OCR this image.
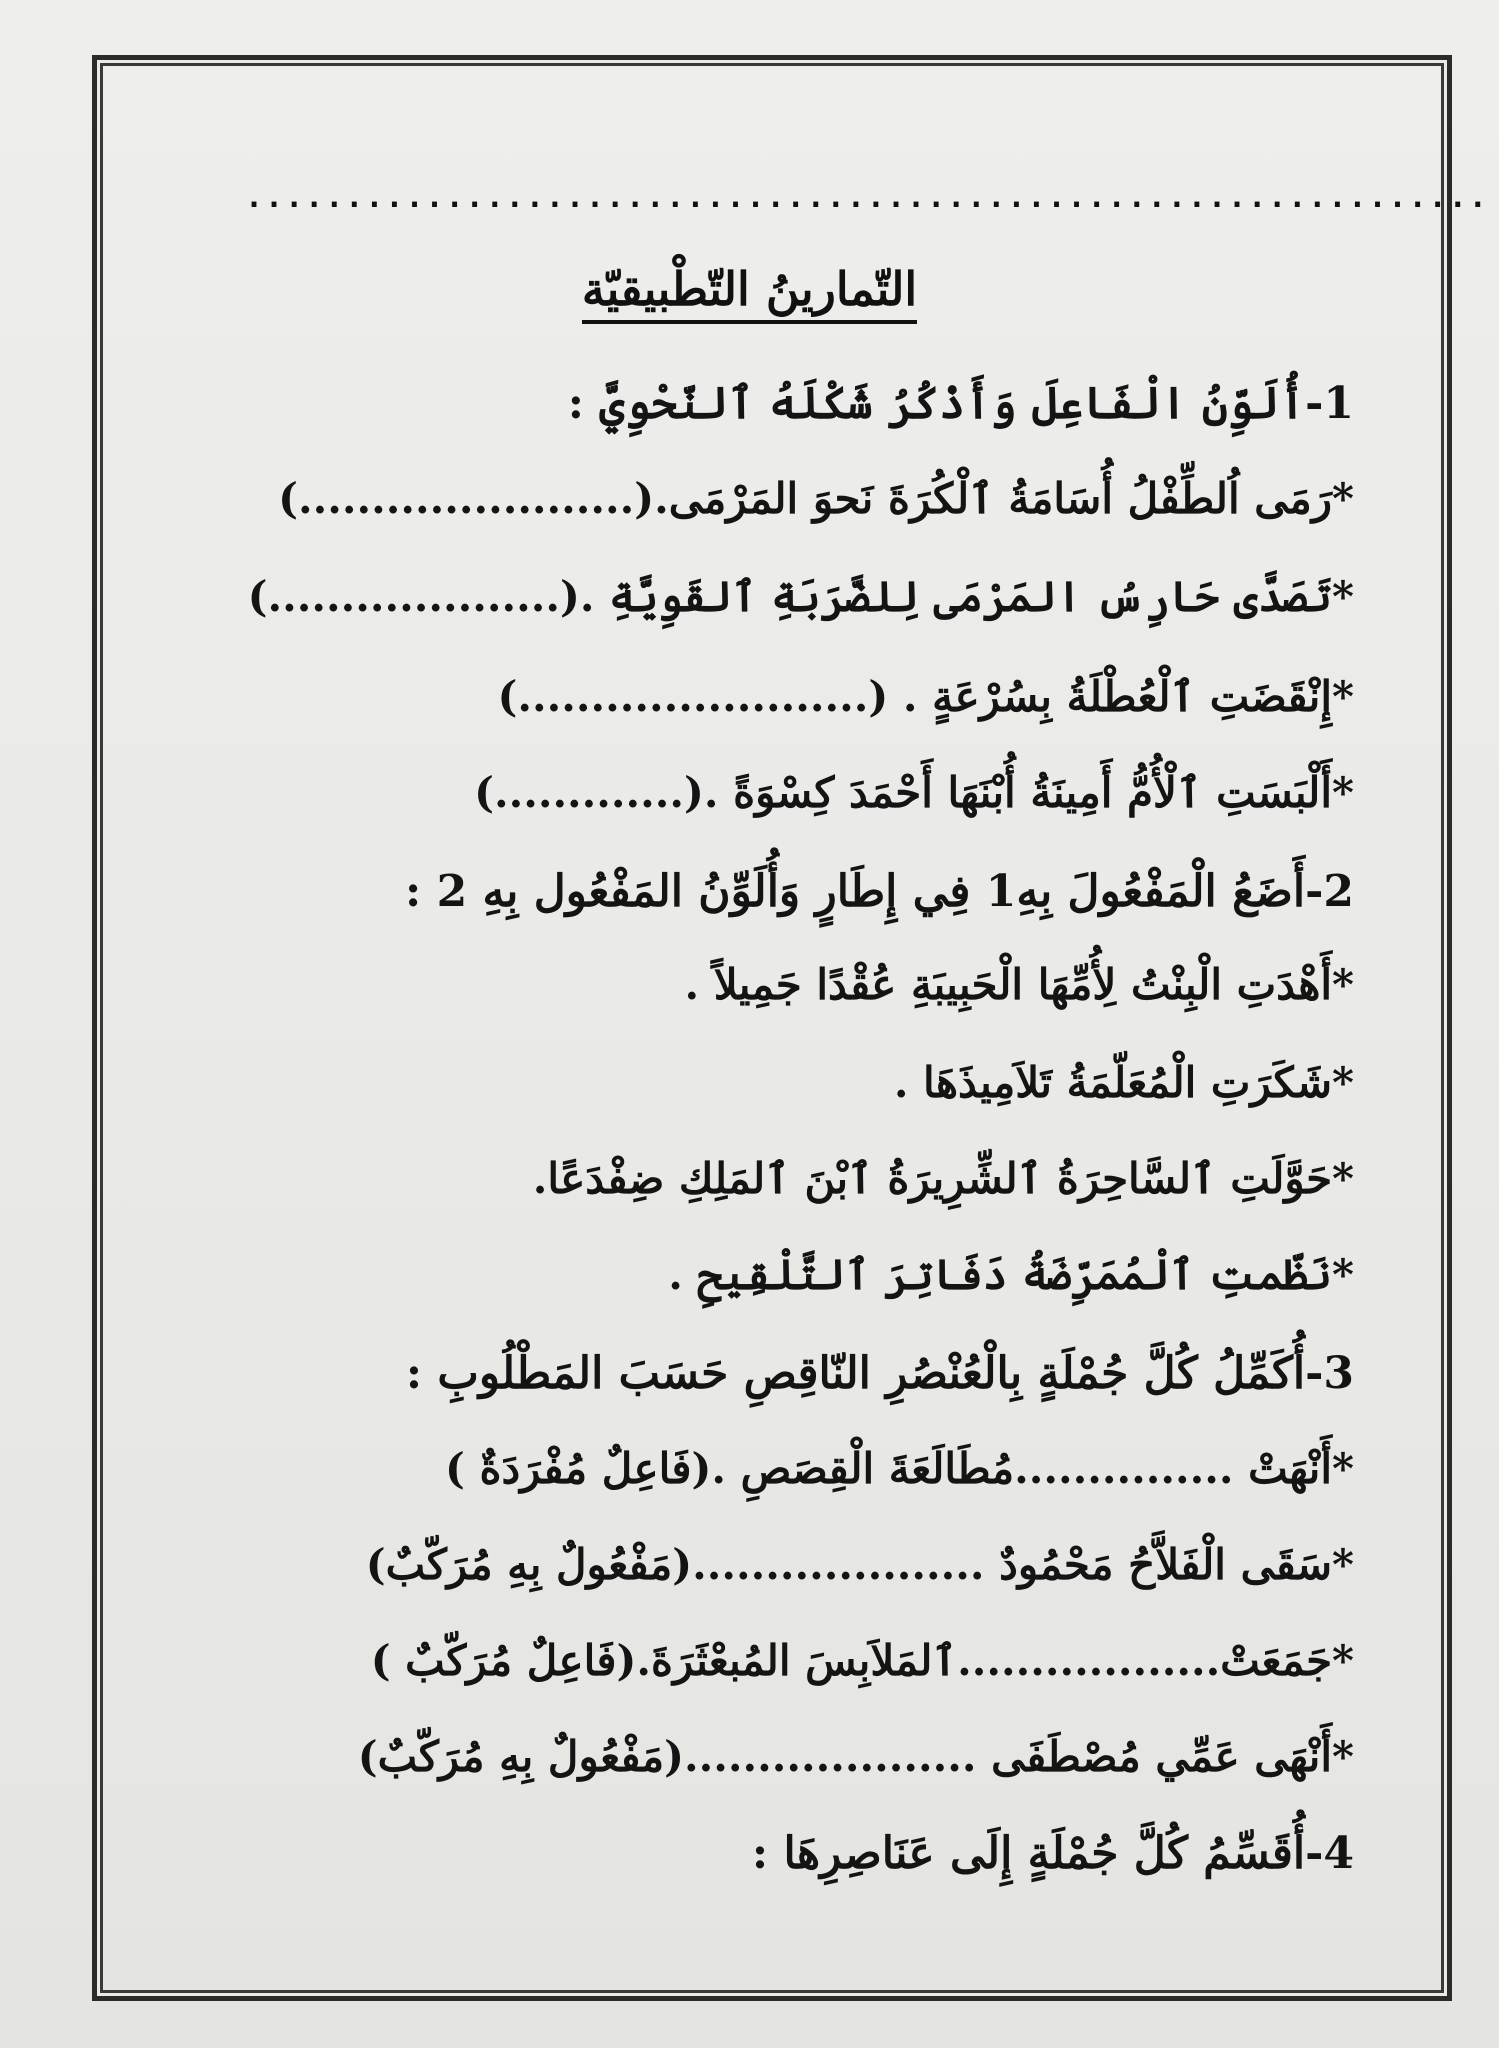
..............................................................
التّمارينُ التّطْبيقيّة
1-أُلَوِّنُ الْفَاعِلَ وَأَذْكُرُ شَكْلَهُ ٱلنّحْوِيَّ :
*رَمَى اُلطِّفْلُ أُسَامَةُ ٱلْكُرَةَ نَحوَ المَرْمَى.(.......................)
*تَصَدَّى حَارِسُ المَرْمَى لِلضَّرَبَةِ ٱلقَوِيَّةِ .(....................)
*إِنْقَضَتِ ٱلْعُطْلَةُ بِسُرْعَةٍ . (........................)
*أَلْبَسَتِ ٱلْأُمُّ أَمِينَةُ أُبْنَهَا أَحْمَدَ كِسْوَةً .(.............)
2-أَضَعُ الْمَفْعُولَ بِهِ1 فِي إِطَارٍ وَأُلَوِّنُ المَفْعُول بِهِ 2 :
*أَهْدَتِ الْبِنْتُ لِأُمِّهَا الْحَبِيبَةِ عُقْدًا جَمِيلاً .
*شَكَرَتِ الْمُعَلّمَةُ تَلاَمِيذَهَا .
*حَوَّلَتِ ٱلسَّاحِرَةُ ٱلشِّرِيرَةُ ٱبْنَ ٱلمَلِكِ ضِفْدَعًا.
*نَظّمتِ ٱلْمُمَرِّضَةُ دَفَاتِرَ ٱلتَّلْقِيحِ .
3-أُكَمِّلُ كُلَّ جُمْلَةٍ بِالْعُنْصُرِ النّاقِصِ حَسَبَ المَطْلُوبِ :
*أَنْهَتْ ...............مُطَالَعَةَ الْقِصَصِ .(فَاعِلٌ مُفْرَدَةٌ )
*سَقَى الْفَلاَّحُ مَحْمُودٌ ....................(مَفْعُولٌ بِهِ مُرَكّبٌ)
*جَمَعَتْ..................ٱلمَلاَبِسَ المُبعْثَرَةَ.(فَاعِلٌ مُرَكّبٌ )
*أَنْهَى عَمِّي مُصْطَفَى ....................(مَفْعُولٌ بِهِ مُرَكّبٌ)
4-أُقَسِّمُ كُلَّ جُمْلَةٍ إِلَى عَنَاصِرِهَا :
